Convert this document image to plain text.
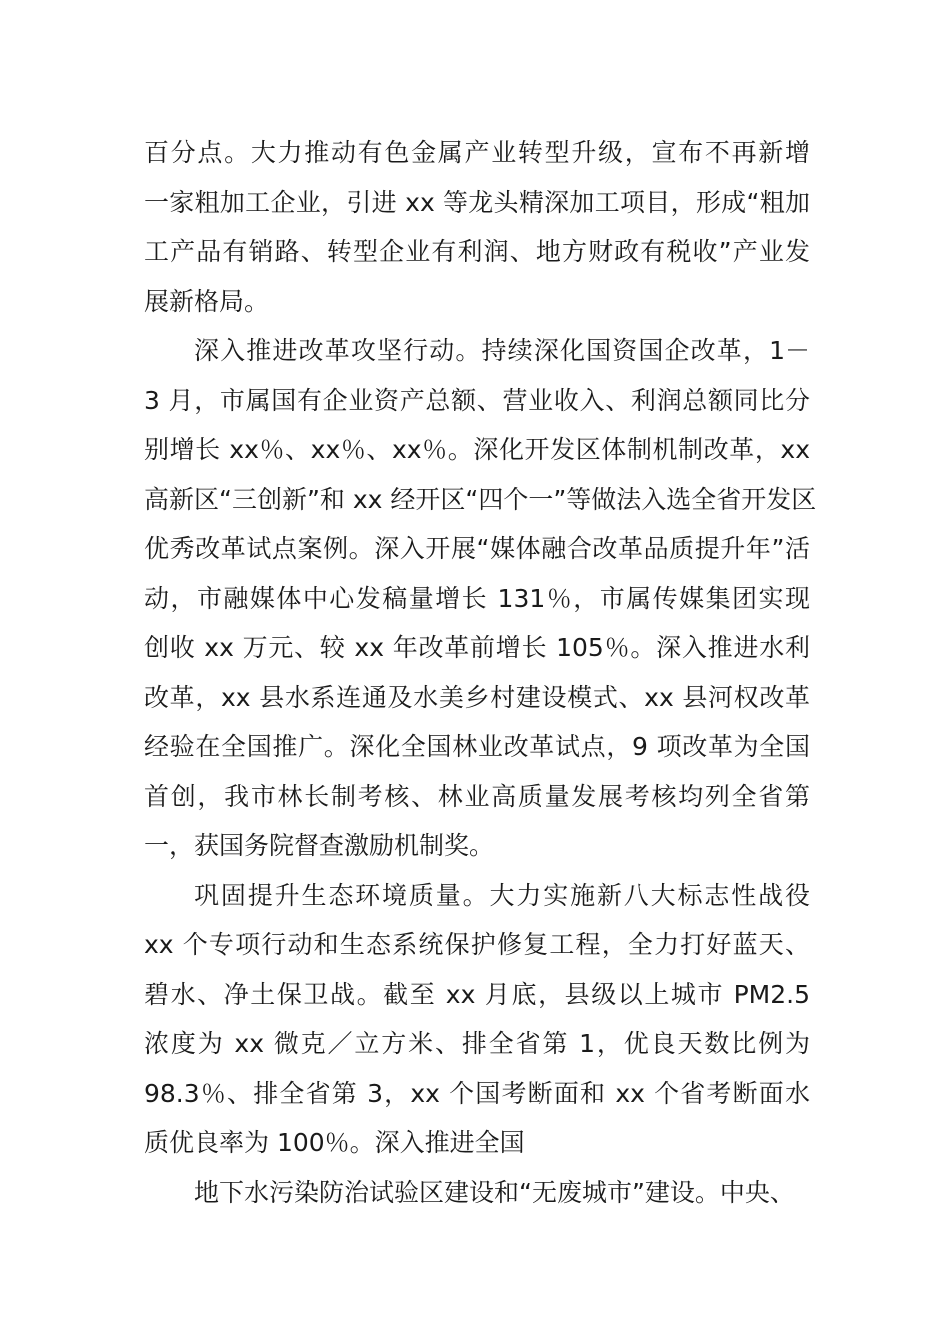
百分点。大力推动有色金属产业转型升级，宣布不再新增
一家粗加工企业，引进 xx 等龙头精深加工项目，形成“粗加
工产品有销路、转型企业有利润、地方财政有税收”产业发
展新格局。
深入推进改革攻坚行动。持续深化国资国企改革，1－
3 月，市属国有企业资产总额、营业收入、利润总额同比分
别增长 xx％、xx％、xx％。深化开发区体制机制改革，xx
高新区“三创新”和 xx 经开区“四个一”等做法入选全省开发区
优秀改革试点案例。深入开展“媒体融合改革品质提升年”活
动，市融媒体中心发稿量增长 131％，市属传媒集团实现
创收 xx 万元、较 xx 年改革前增长 105％。深入推进水利
改革，xx 县水系连通及水美乡村建设模式、xx 县河权改革
经验在全国推广。深化全国林业改革试点，9 项改革为全国
首创，我市林长制考核、林业高质量发展考核均列全省第
一，获国务院督查激励机制奖。
巩固提升生态环境质量。大力实施新八大标志性战役
xx 个专项行动和生态系统保护修复工程，全力打好蓝天、
碧水、净土保卫战。截至 xx 月底，县级以上城市 PM2.5
浓度为 xx 微克／立方米、排全省第 1，优良天数比例为
98.3％、排全省第 3，xx 个国考断面和 xx 个省考断面水
质优良率为 100％。深入推进全国
地下水污染防治试验区建设和“无废城市”建设。中央、
